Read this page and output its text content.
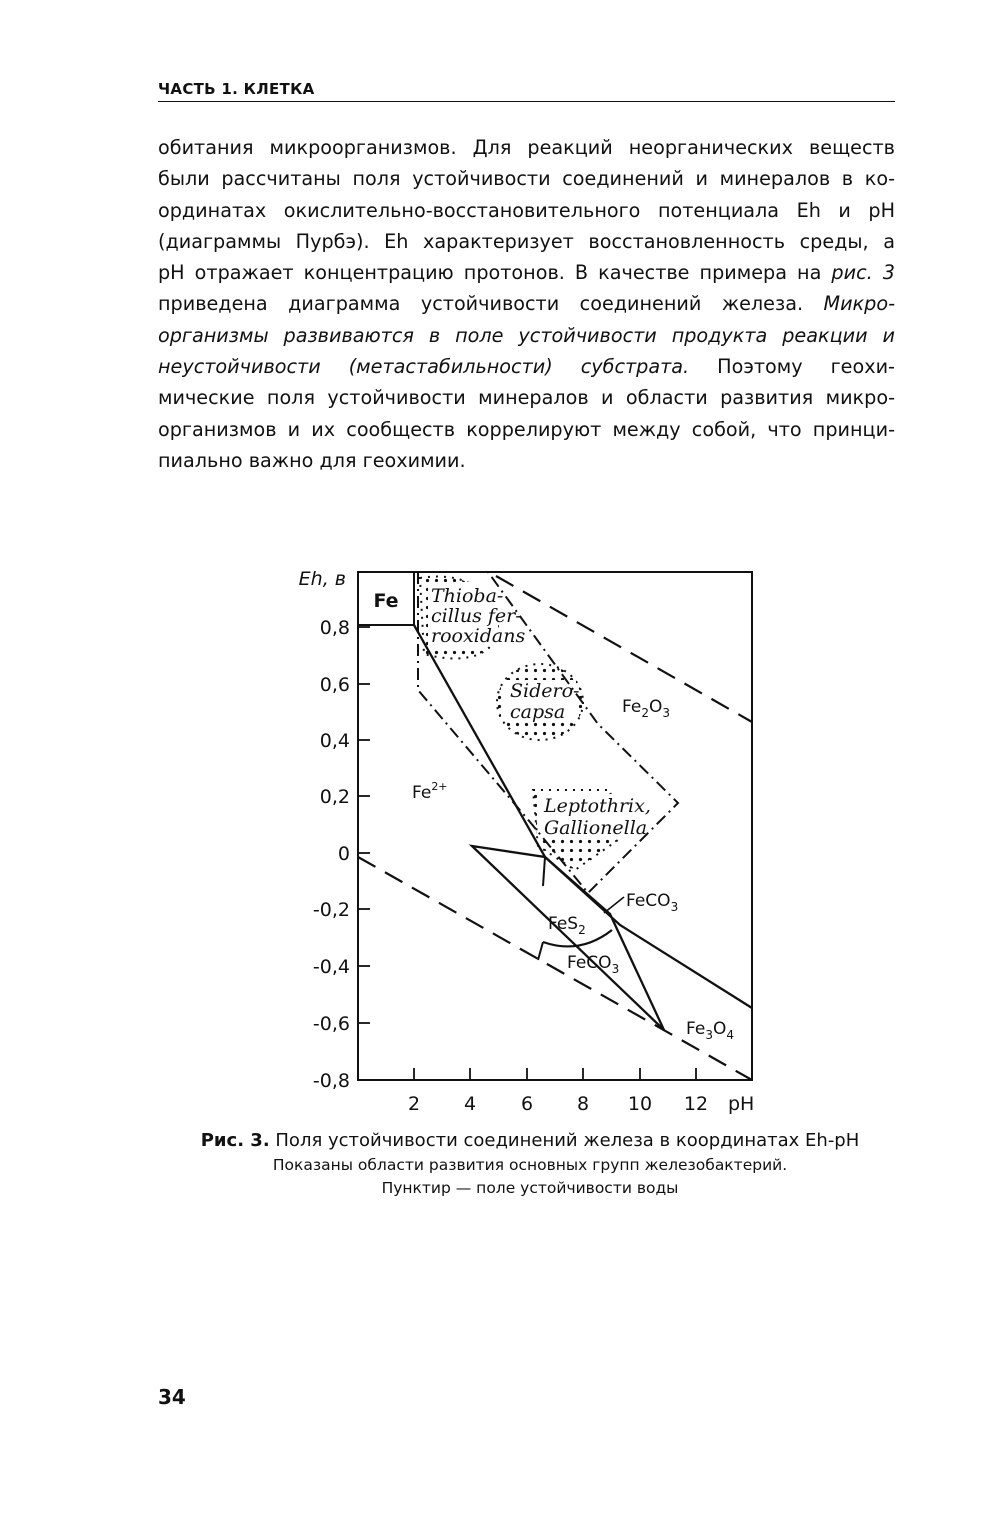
ЧАСТЬ 1. КЛЕТКА
обитания микроорганизмов. Для реакций неорганических веществ
были рассчитаны поля устойчивости соединений и минералов в ко-
ординатах окислительно-восстановительного потенциала Eh и pH
(диаграммы Пурбэ). Eh характеризует восстановленность среды, а
pH отражает концентрацию протонов. В качестве примера на рис. 3
приведена диаграмма устойчивости соединений железа. Микро-
организмы развиваются в поле устойчивости продукта реакции и
неустойчивости (метастабильности) субстрата. Поэтому геохи-
мические поля устойчивости минералов и области развития микро-
организмов и их сообществ коррелируют между собой, что принци-
пиально важно для геохимии.
Eh, в
0,8
0,6
0,4
0,2
0
-0,2
-0,4
-0,6
-0,8
2 4 6 8 10 12 pH
Fe
$Fe^{2+}$
$Fe_2O_3$
FeCO$_3$
FeS$_2$
FeCO$_3$
$Fe_3O_4$
Thioba-
cillus fer-
rooxidans
Sidero-
capsa
Leptothrix,
Gallionella
Рис. 3. Поля устойчивости соединений железа в координатах Eh-pH
Показаны области развития основных групп железобактерий.
Пунктир — поле устойчивости воды
34
